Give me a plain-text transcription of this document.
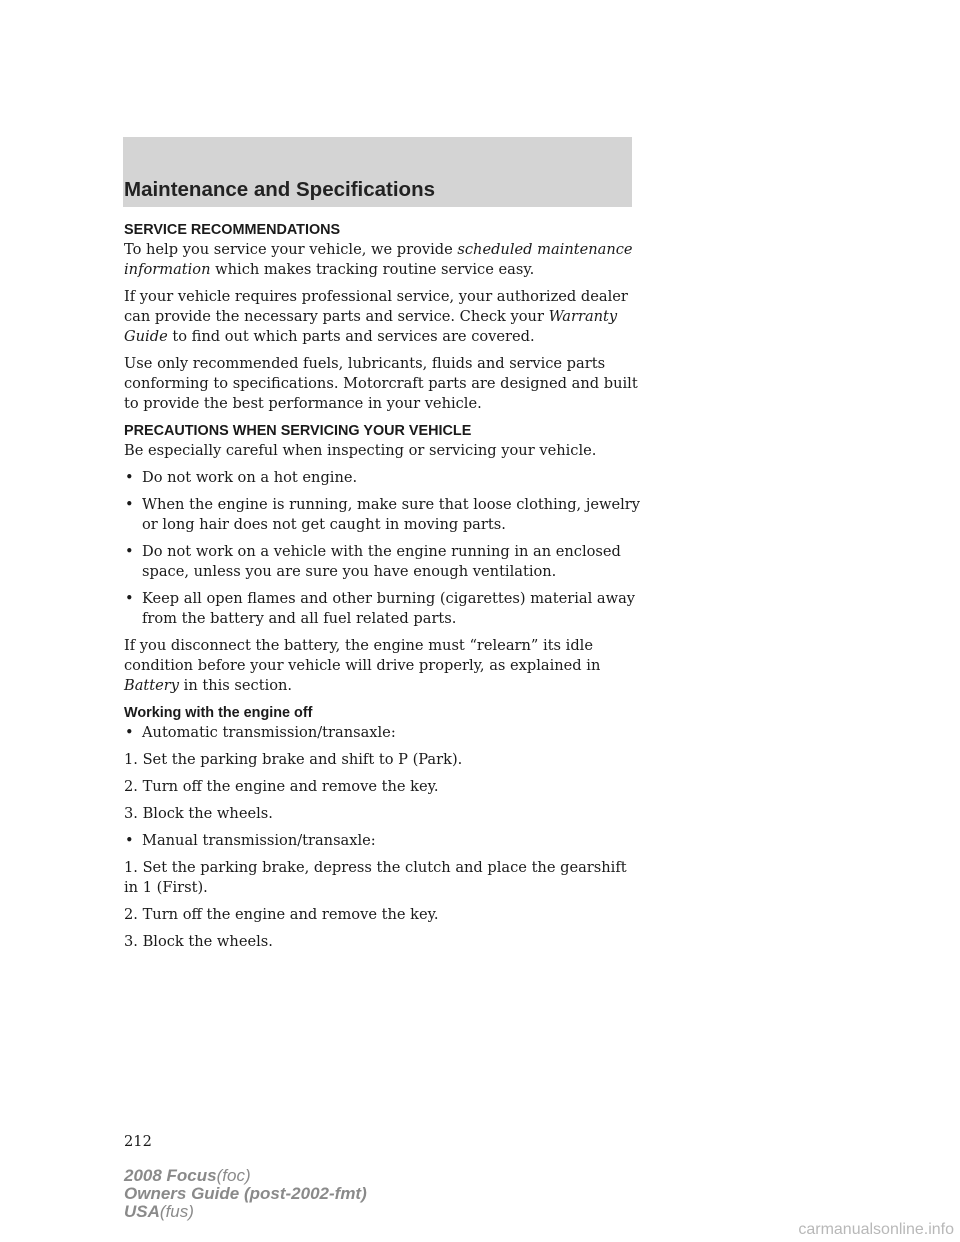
Maintenance and Specifications
SERVICE RECOMMENDATIONS

To help you service your vehicle, we provide scheduled maintenance information which makes tracking routine service easy.

If your vehicle requires professional service, your authorized dealer can provide the necessary parts and service. Check your Warranty Guide to find out which parts and services are covered.

Use only recommended fuels, lubricants, fluids and service parts conforming to specifications. Motorcraft parts are designed and built to provide the best performance in your vehicle.

PRECAUTIONS WHEN SERVICING YOUR VEHICLE

Be especially careful when inspecting or servicing your vehicle.

• Do not work on a hot engine.
• When the engine is running, make sure that loose clothing, jewelry or long hair does not get caught in moving parts.
• Do not work on a vehicle with the engine running in an enclosed space, unless you are sure you have enough ventilation.
• Keep all open flames and other burning (cigarettes) material away from the battery and all fuel related parts.

If you disconnect the battery, the engine must “relearn” its idle condition before your vehicle will drive properly, as explained in Battery in this section.

Working with the engine off
• Automatic transmission/transaxle:

1. Set the parking brake and shift to P (Park).

2. Turn off the engine and remove the key.

3. Block the wheels.

• Manual transmission/transaxle:

1. Set the parking brake, depress the clutch and place the gearshift in 1 (First).

2. Turn off the engine and remove the key.

3. Block the wheels.

212
2008 Focus(foc)
Owners Guide (post-2002-fmt)
USA(fus)
carmanualsonline.info
